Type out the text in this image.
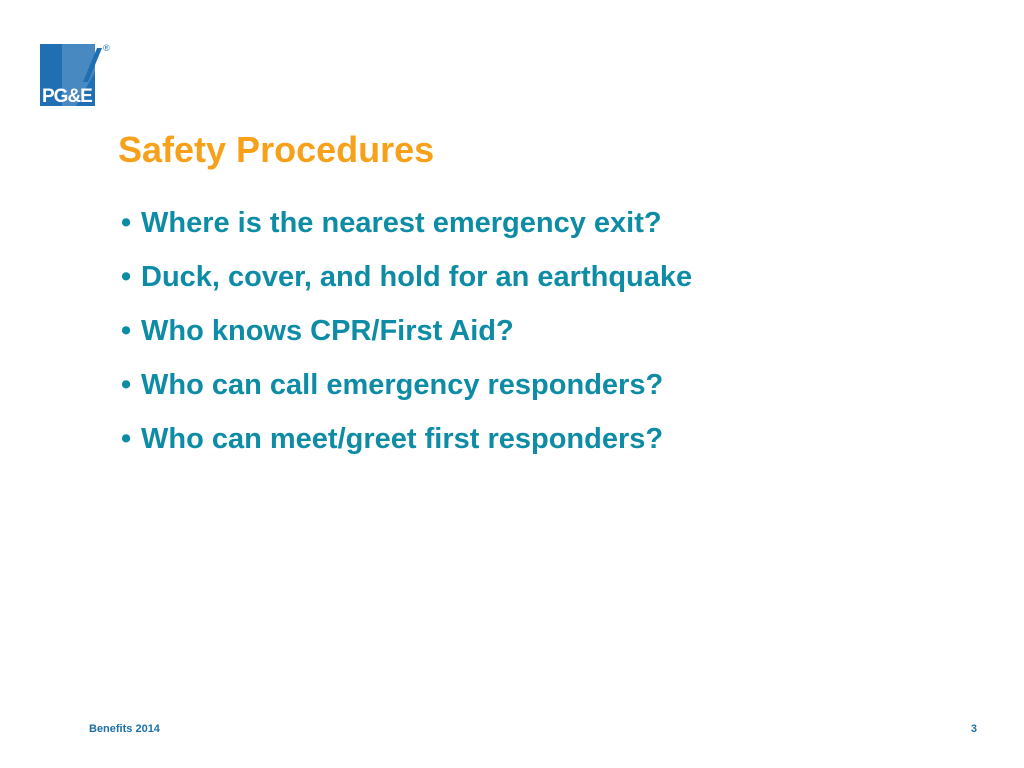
PG&E
®
Safety Procedures
• Where is the nearest emergency exit?
• Duck, cover, and hold for an earthquake
• Who knows CPR/First Aid?
• Who can call emergency responders?
• Who can meet/greet first responders?
Benefits 2014	3
